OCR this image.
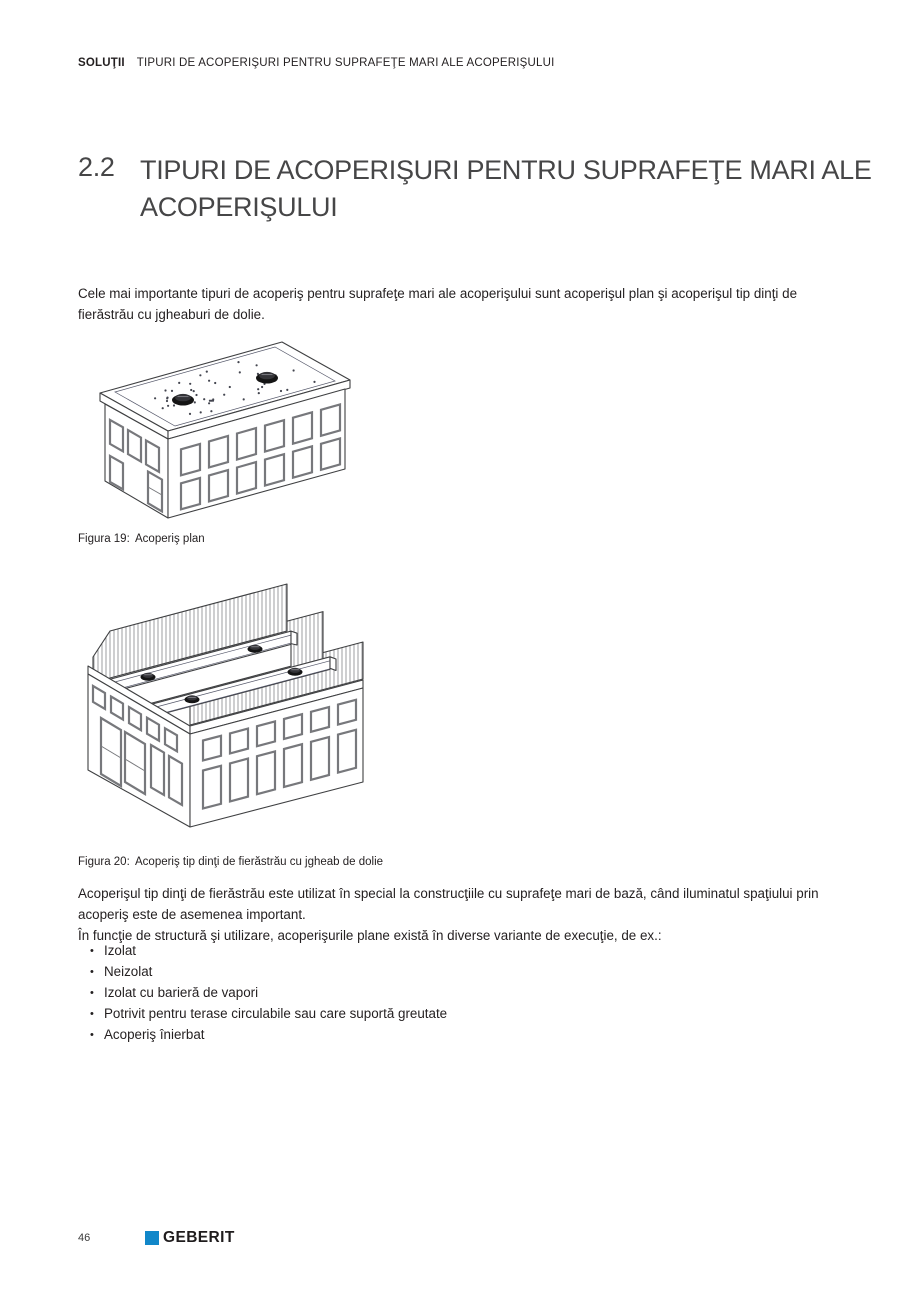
SOLUŢII TIPURI DE ACOPERIŞURI PENTRU SUPRAFEŢE MARI ALE ACOPERIŞULUI
2.2 TIPURI DE ACOPERIŞURI PENTRU SUPRAFEŢE MARI ALE
ACOPERIŞULUI

Cele mai importante tipuri de acoperiş pentru suprafeţe mari ale acoperişului sunt acoperişul plan şi acoperişul tip dinţi de fierăstrău cu jgheaburi de dolie.

Figura 19: Acoperiş plan
Figura 20: Acoperiş tip dinţi de fierăstrău cu jgheab de dolie

Acoperişul tip dinţi de fierăstrău este utilizat în special la construcţiile cu suprafeţe mari de bază, când iluminatul spaţiului prin acoperiş este de asemenea important.

În funcţie de structură şi utilizare, acoperişurile plane există în diverse variante de execuţie, de ex.:

• Izolat
• Neizolat
• Izolat cu barieră de vapori
• Potrivit pentru terase circulabile sau care suportă greutate
• Acoperiş înierbat
46	GEBERIT
